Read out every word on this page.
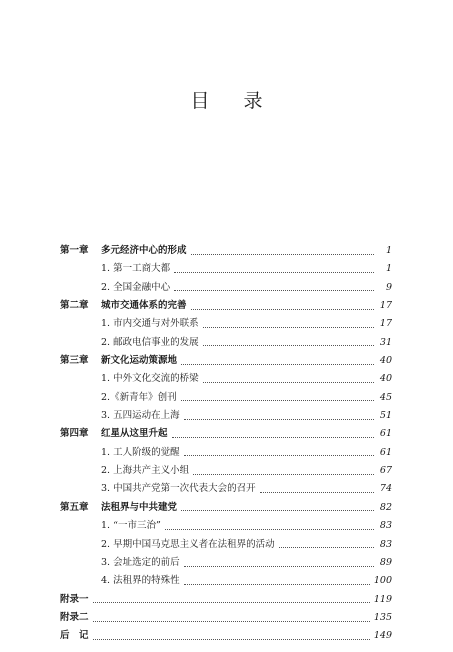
目 录
第一章	多元经济中心的形成	1
1. 第一工商大都	1
2. 全国金融中心	9
第二章	城市交通体系的完善	17
1. 市内交通与对外联系	17
2. 邮政电信事业的发展	31
第三章	新文化运动策源地	40
1. 中外文化交流的桥梁	40
2.《新青年》创刊	45
3. 五四运动在上海	51
第四章	红星从这里升起	61
1. 工人阶级的觉醒	61
2. 上海共产主义小组	67
3. 中国共产党第一次代表大会的召开	74
第五章	法租界与中共建党	82
1. “一市三治”	83
2. 早期中国马克思主义者在法租界的活动	83
3. 会址选定的前后	89
4. 法租界的特殊性	100
附录一	119
附录二	135
后　记	149
